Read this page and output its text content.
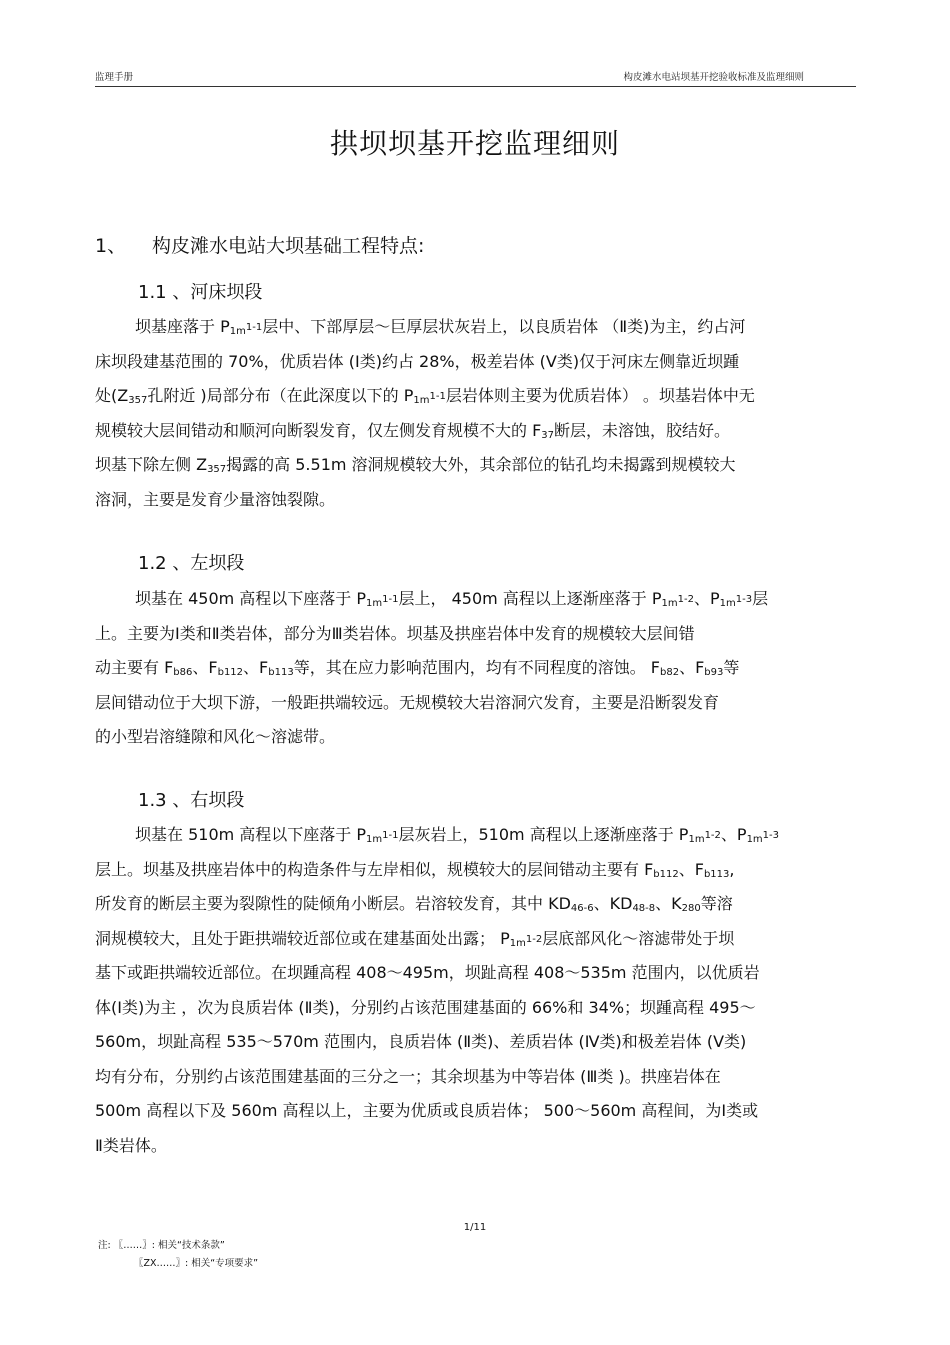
监理手册	构皮滩水电站坝基开挖验收标准及监理细则
拱坝坝基开挖监理细则
1、 构皮滩水电站大坝基础工程特点:
1.1 、河床坝段
坝基座落于 $P_{1m}^{1-1}$层中、下部厚层～巨厚层状灰岩上，以良质岩体 （Ⅱ类)为主，约占河
床坝段建基范围的 70%，优质岩体 (Ⅰ类)约占 28%，极差岩体 (Ⅴ类)仅于河床左侧靠近坝踵
处($Z_{357}$孔附近 )局部分布（在此深度以下的 $P_{1m}^{1-1}$层岩体则主要为优质岩体） 。坝基岩体中无
规模较大层间错动和顺河向断裂发育，仅左侧发育规模不大的 $F_{37}$断层，未溶蚀，胶结好。
坝基下除左侧 $Z_{357}$揭露的高 5.51m 溶洞规模较大外，其余部位的钻孔均未揭露到规模较大
溶洞，主要是发育少量溶蚀裂隙。
1.2 、左坝段
坝基在 450m 高程以下座落于 $P_{1m}^{1-1}$层上， 450m 高程以上逐渐座落于 $P_{1m}^{1-2}$、$P_{1m}^{1-3}$层
上。主要为Ⅰ类和Ⅱ类岩体，部分为Ⅲ类岩体。坝基及拱座岩体中发育的规模较大层间错
动主要有 $F_{b86}$、$F_{b112}$、$F_{b113}$等，其在应力影响范围内，均有不同程度的溶蚀。 $F_{b82}$、$F_{b93}$等
层间错动位于大坝下游，一般距拱端较远。无规模较大岩溶洞穴发育，主要是沿断裂发育
的小型岩溶缝隙和风化～溶滤带。
1.3 、右坝段
坝基在 510m 高程以下座落于 $P_{1m}^{1-1}$层灰岩上，510m 高程以上逐渐座落于 $P_{1m}^{1-2}$、$P_{1m}^{1-3}$
层上。坝基及拱座岩体中的构造条件与左岸相似，规模较大的层间错动主要有 $F_{b112}$、$F_{b113}$,
所发育的断层主要为裂隙性的陡倾角小断层。岩溶较发育，其中 $KD_{46-6}$、$KD_{48-8}$、$K_{280}$等溶
洞规模较大，且处于距拱端较近部位或在建基面处出露； $P_{1m}^{1-2}$层底部风化～溶滤带处于坝
基下或距拱端较近部位。在坝踵高程 408～495m，坝趾高程 408～535m 范围内，以优质岩
体(Ⅰ类)为主 ，次为良质岩体 (Ⅱ类)，分别约占该范围建基面的 66%和 34%；坝踵高程 495～
560m，坝趾高程 535～570m 范围内，良质岩体 (Ⅱ类)、差质岩体 (Ⅳ类)和极差岩体 (Ⅴ类)
均有分布，分别约占该范围建基面的三分之一；其余坝基为中等岩体 (Ⅲ类 )。拱座岩体在
500m 高程以下及 560m 高程以上，主要为优质或良质岩体； 500～560m 高程间，为Ⅰ类或
Ⅱ类岩体。
1/11
注: 〖……〗: 相关“技术条款”
〖ZX……〗: 相关“专项要求”
